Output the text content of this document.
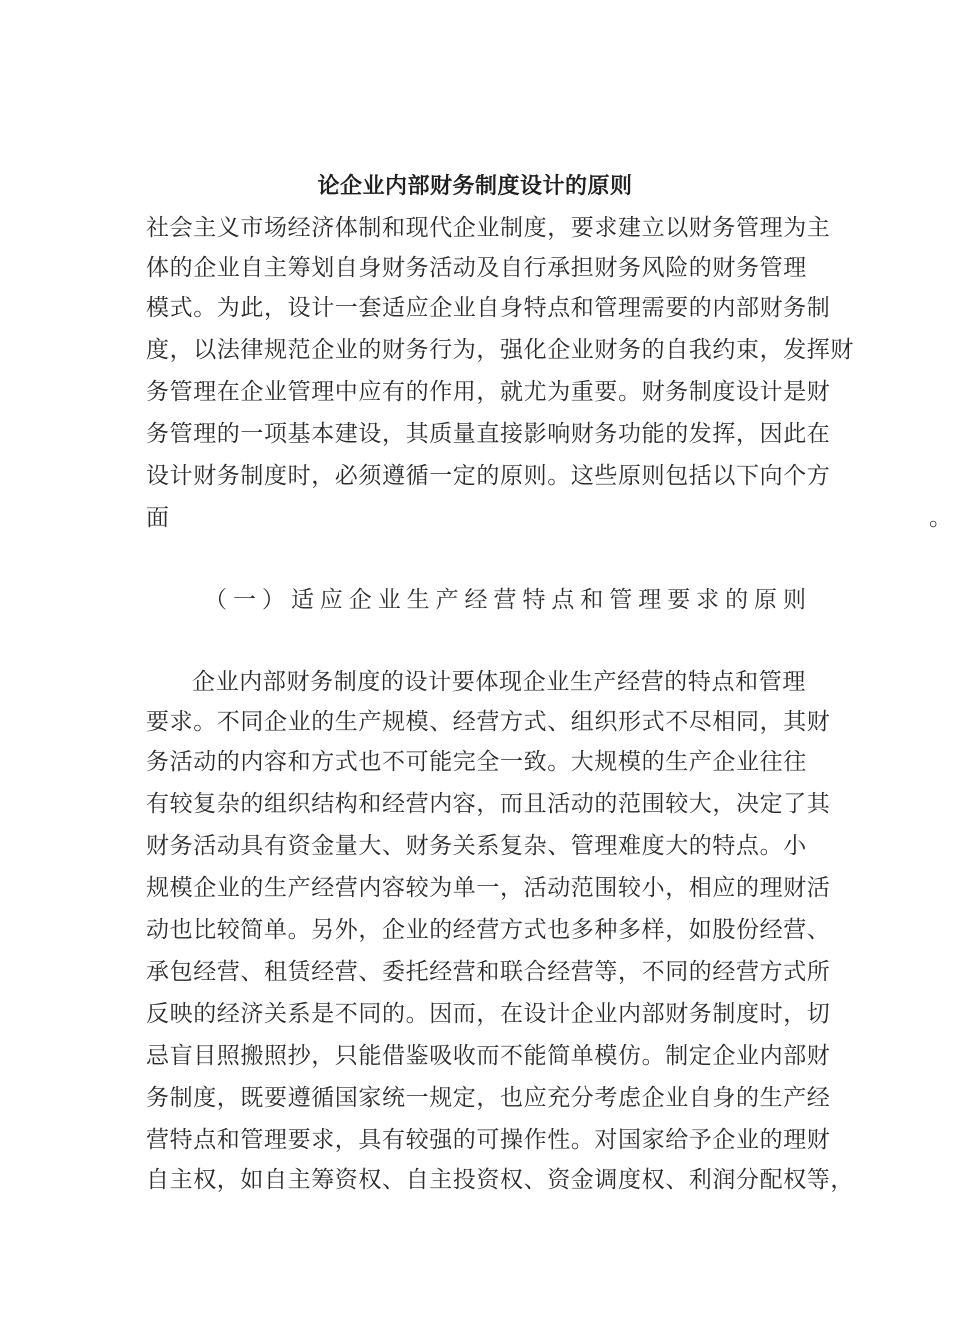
论企业内部财务制度设计的原则
社会主义市场经济体制和现代企业制度，要求建立以财务管理为主
体的企业自主筹划自身财务活动及自行承担财务风险的财务管理
模式。为此，设计一套适应企业自身特点和管理需要的内部财务制
度，以法律规范企业的财务行为，强化企业财务的自我约束，发挥财
务管理在企业管理中应有的作用，就尤为重要。财务制度设计是财
务管理的一项基本建设，其质量直接影响财务功能的发挥，因此在
设计财务制度时，必须遵循一定的原则。这些原则包括以下向个方
面	。
（一）适应企业生产经营特点和管理要求的原则
企业内部财务制度的设计要体现企业生产经营的特点和管理
要求。不同企业的生产规模、经营方式、组织形式不尽相同，其财
务活动的内容和方式也不可能完全一致。大规模的生产企业往往
有较复杂的组织结构和经营内容，而且活动的范围较大，决定了其
财务活动具有资金量大、财务关系复杂、管理难度大的特点。小
规模企业的生产经营内容较为单一，活动范围较小，相应的理财活
动也比较简单。另外，企业的经营方式也多种多样，如股份经营、
承包经营、租赁经营、委托经营和联合经营等，不同的经营方式所
反映的经济关系是不同的。因而，在设计企业内部财务制度时，切
忌盲目照搬照抄，只能借鉴吸收而不能简单模仿。制定企业内部财
务制度，既要遵循国家统一规定，也应充分考虑企业自身的生产经
营特点和管理要求，具有较强的可操作性。对国家给予企业的理财
自主权，如自主筹资权、自主投资权、资金调度权、利润分配权等，
